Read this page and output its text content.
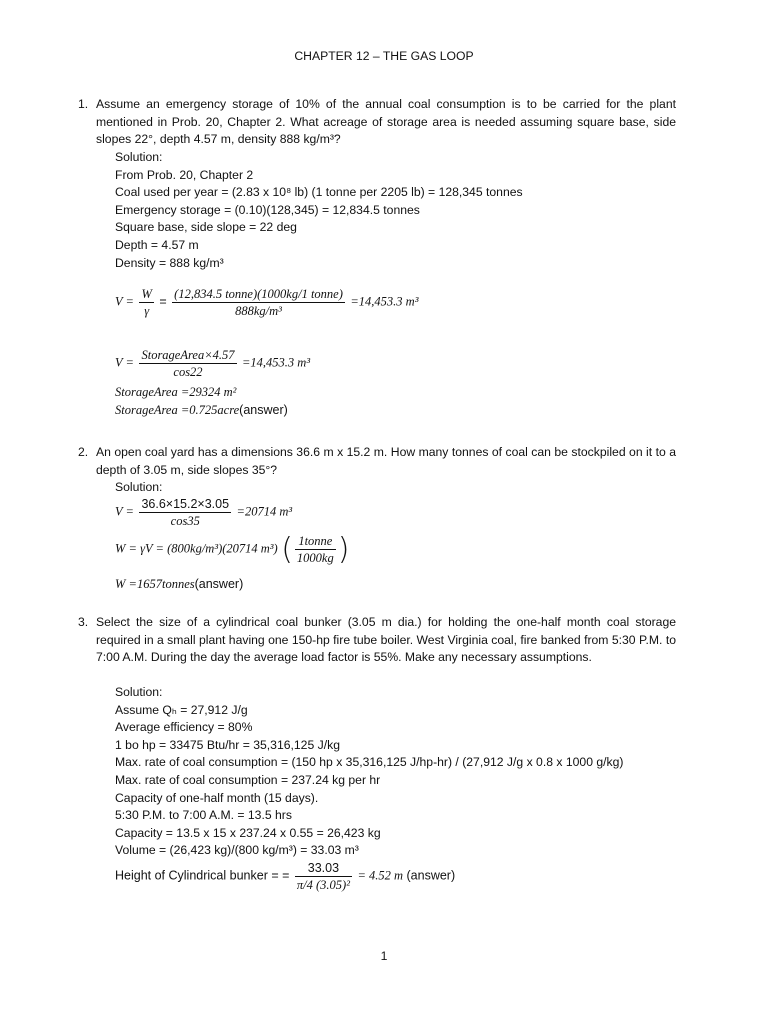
CHAPTER 12 – THE GAS LOOP
1. Assume an emergency storage of 10% of the annual coal consumption is to be carried for the plant mentioned in Prob. 20, Chapter 2. What acreage of storage area is needed assuming square base, side slopes 22°, depth 4.57 m, density 888 kg/m³?
Solution:
From Prob. 20, Chapter 2
Coal used per year = (2.83 x 10⁸ lb) (1 tonne per 2205 lb) = 128,345 tonnes
Emergency storage = (0.10)(128,345) = 12,834.5 tonnes
Square base, side slope = 22 deg
Depth = 4.57 m
Density = 888 kg/m³
$V = \frac{W}{\gamma} = \frac{\text{(12,834.5 tonne)(1000kg/1 tonne)}}{\text{888kg/m³}} =14,453.3$ m³
$V = \frac{\text{StorageArea×4.57}}{\cos 22} =14,453.3$ m³
StorageArea =29324 m²
StorageArea =0.725acre(answer)
2. An open coal yard has a dimensions 36.6 m x 15.2 m. How many tonnes of coal can be stockpiled on it to a depth of 3.05 m, side slopes 35°?
Solution:
$V = \frac{36.6\times 15.2\times 3.05}{\cos 35} =20714$ m³
W = γV = (800kg/m³)(20714 m³) ( $\frac{\text{1tonne}}{1000kg}$ )
W =1657tonnes(answer)
3. Select the size of a cylindrical coal bunker (3.05 m dia.) for holding the one-half month coal storage required in a small plant having one 150-hp fire tube boiler. West Virginia coal, fire banked from 5:30 P.M. to 7:00 A.M. During the day the average load factor is 55%. Make any necessary assumptions.
Solution:
Assume Qₕ = 27,912 J/g
Average efficiency = 80%
1 bo hp = 33475 Btu/hr = 35,316,125 J/kg
Max. rate of coal consumption = (150 hp x 35,316,125 J/hp-hr) / (27,912 J/g x 0.8 x 1000 g/kg)
Max. rate of coal consumption = 237.24 kg per hr
Capacity of one-half month (15 days).
5:30 P.M. to 7:00 A.M. = 13.5 hrs
Capacity = 13.5 x 15 x 237.24 x 0.55 = 26,423 kg
Volume = (26,423 kg)/(800 kg/m³) = 33.03 m³
Height of Cylindrical bunker = = $\frac{33.03}{\text{π/4 (3.05)²}} = 4.52$ m (answer)
1
